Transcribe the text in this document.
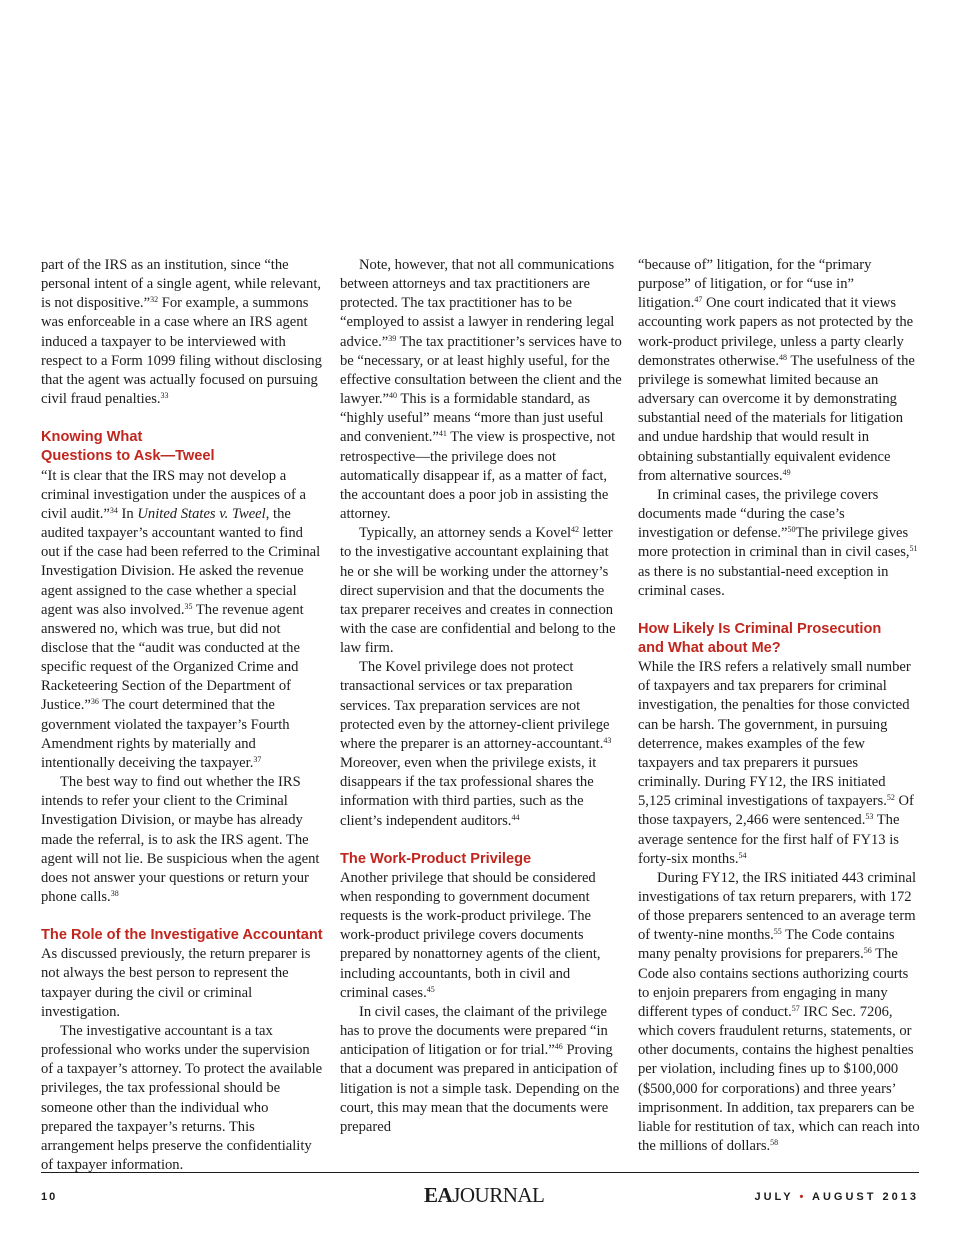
part of the IRS as an institution, since “the personal intent of a single agent, while relevant, is not dispositive.”$^{32}$ For example, a summons was enforceable in a case where an IRS agent induced a taxpayer to be interviewed with respect to a Form 1099 filing without disclosing that the agent was actually focused on pursuing civil fraud penalties.$^{33}$

Knowing What
Questions to Ask—Tweel

“It is clear that the IRS may not develop a criminal investigation under the auspices of a civil audit.”$^{34}$ In United States v. Tweel, the audited taxpayer’s accountant wanted to find out if the case had been referred to the Criminal Investigation Division. He asked the revenue agent assigned to the case whether a special agent was also involved.$^{35}$ The revenue agent answered no, which was true, but did not disclose that the “audit was conducted at the specific request of the Organized Crime and Racketeering Section of the Department of Justice.”$^{36}$ The court determined that the government violated the taxpayer’s Fourth Amendment rights by materially and intentionally deceiving the taxpayer.$^{37}$

The best way to find out whether the IRS intends to refer your client to the Criminal Investigation Division, or maybe has already made the referral, is to ask the IRS agent. The agent will not lie. Be suspicious when the agent does not answer your questions or return your phone calls.$^{38}$

The Role of the Investigative Accountant

As discussed previously, the return preparer is not always the best person to represent the taxpayer during the civil or criminal investigation.

The investigative accountant is a tax professional who works under the supervision of a taxpayer’s attorney. To protect the available privileges, the tax professional should be someone other than the individual who prepared the taxpayer’s returns. This arrangement helps preserve the confidentiality of taxpayer information.

Note, however, that not all communications between attorneys and tax practitioners are protected. The tax practitioner has to be “employed to assist a lawyer in rendering legal advice.”$^{39}$ The tax practitioner’s services have to be “necessary, or at least highly useful, for the effective consultation between the client and the lawyer.”$^{40}$ This is a formidable standard, as “highly useful” means “more than just useful and convenient.”$^{41}$ The view is prospective, not retrospective—the privilege does not automatically disappear if, as a matter of fact, the accountant does a poor job in assisting the attorney.

Typically, an attorney sends a Kovel$^{42}$ letter to the investigative accountant explaining that he or she will be working under the attorney’s direct supervision and that the documents the tax preparer receives and creates in connection with the case are confidential and belong to the law firm.

The Kovel privilege does not protect transactional services or tax preparation services. Tax preparation services are not protected even by the attorney-client privilege where the preparer is an attorney-accountant.$^{43}$ Moreover, even when the privilege exists, it disappears if the tax professional shares the information with third parties, such as the client’s independent auditors.$^{44}$

The Work-Product Privilege

Another privilege that should be considered when responding to government document requests is the work-product privilege. The work-product privilege covers documents prepared by nonattorney agents of the client, including accountants, both in civil and criminal cases.$^{45}$

In civil cases, the claimant of the privilege has to prove the documents were prepared “in anticipation of litigation or for trial.”$^{46}$ Proving that a document was prepared in anticipation of litigation is not a simple task. Depending on the court, this may mean that the documents were prepared

“because of” litigation, for the “primary purpose” of litigation, or for “use in” litigation.$^{47}$ One court indicated that it views accounting work papers as not protected by the work-product privilege, unless a party clearly demonstrates otherwise.$^{48}$ The usefulness of the privilege is somewhat limited because an adversary can overcome it by demonstrating substantial need of the materials for litigation and undue hardship that would result in obtaining substantially equivalent evidence from alternative sources.$^{49}$

In criminal cases, the privilege covers documents made “during the case’s investigation or defense.”$^{50}$The privilege gives more protection in criminal than in civil cases,$^{51}$ as there is no substantial-need exception in criminal cases.

How Likely Is Criminal Prosecution
and What about Me?

While the IRS refers a relatively small number of taxpayers and tax preparers for criminal investigation, the penalties for those convicted can be harsh. The government, in pursuing deterrence, makes examples of the few taxpayers and tax preparers it pursues criminally. During FY12, the IRS initiated 5,125 criminal investigations of taxpayers.$^{52}$ Of those taxpayers, 2,466 were sentenced.$^{53}$ The average sentence for the first half of FY13 is forty-six months.$^{54}$

During FY12, the IRS initiated 443 criminal investigations of tax return preparers, with 172 of those preparers sentenced to an average term of twenty-nine months.$^{55}$ The Code contains many penalty provisions for preparers.$^{56}$ The Code also contains sections authorizing courts to enjoin preparers from engaging in many different types of conduct.$^{57}$ IRC Sec. 7206, which covers fraudulent returns, statements, or other documents, contains the highest penalties per violation, including fines up to $100,000 ($500,000 for corporations) and three years’ imprisonment. In addition, tax preparers can be liable for restitution of tax, which can reach into the millions of dollars.$^{58}$

10	EAJOURNAL	JULY • AUGUST 2013
